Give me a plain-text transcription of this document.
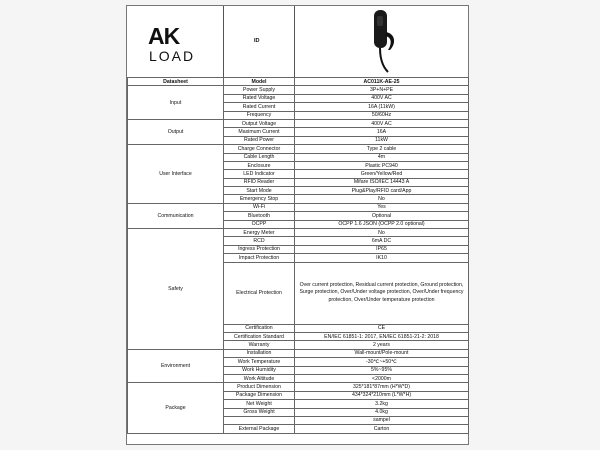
AK
LOAD
ID
Datasheet	Model	AC011K-AE-25
Input	Power Supply	3P+N+PE
	Rated Voltage	400V AC
	Rated Current	16A (11kW)
	Frequency	50/60Hz
Output	Output Voltage	400V AC
	Maximum Current	16A
	Rated Power	11kW
User Interface	Charge Connector	Type 2 cable
	Cable Length	4m
	Enclosure	Plastic PC940
	LED Indicator	Green/Yellow/Red
	RFID Reader	Mifare ISO/IEC 14443 A
	Start Mode	Plug&Play/RFID card/App
	Emergency Stop	No
Communication	Wi-Fi	Yes
	Bluetooth	Optional
	OCPP	OCPP 1.6 JSON (OCPP 2.0 optional)
Safety	Energy Meter	No
	RCD	6mA DC
	Ingress Protection	IP65
	Impact Protection	IK10
	Electrical Protection	Over current protection, Residual current protection, Ground protection, Surge protection, Over/Under voltage protection, Over/Under frequency protection, Over/Under temperature protection
	Certification	CE
	Certification Standard	EN/IEC 61851-1: 2017, EN/IEC 61851-21-2: 2018
	Warranty	2 years
Environment	Installation	Wall-mount/Pole-mount
	Work Temperature	-30℃~+50℃
	Work Humidity	5%~95%
	Work Altitude	<2000m
Package	Product Dimension	325*181*87mm (H*W*D)
	Package Dimension	434*324*210mm (L*W*H)
	Net Weight	3.2kg
	Gross Weight	4.0kg
		sampel
	External Package	Carton
